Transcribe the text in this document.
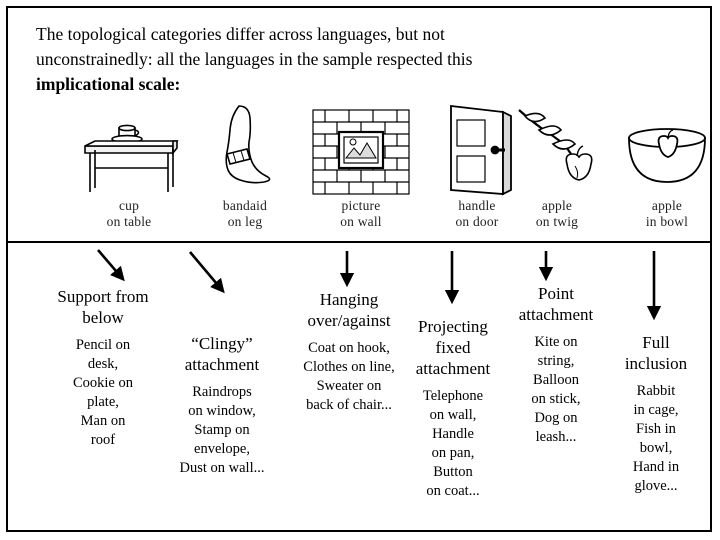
The topological categories differ across languages, but not
unconstrainedly: all the languages in the sample respected this
implicational scale:
cup
on table
bandaid
on leg
picture
on wall
handle
on door
apple
on twig
apple
in bowl
Support from
below
Pencil on
desk,
Cookie on
plate,
Man on
roof
“Clingy”
attachment
Raindrops
on window,
Stamp on
envelope,
Dust on wall...
Hanging
over/against
Coat on hook,
Clothes on line,
Sweater on
back of chair...
Projecting
fixed
attachment
Telephone
on wall,
Handle
on pan,
Button
on coat...
Point
attachment
Kite on
string,
Balloon
on stick,
Dog on
leash...
Full
inclusion
Rabbit
in cage,
Fish in
bowl,
Hand in
glove...
